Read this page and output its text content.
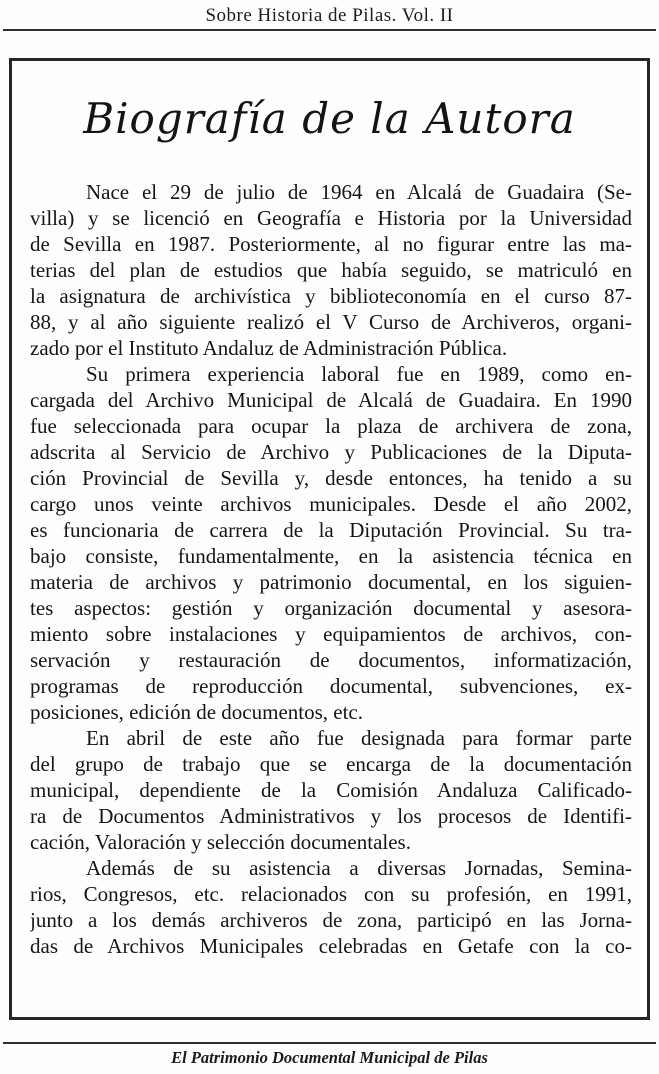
Sobre Historia de Pilas. Vol. II
Biografía de la Autora
Nace el 29 de julio de 1964 en Alcalá de Guadaira (Se-
villa) y se licenció en Geografía e Historia por la Universidad
de Sevilla en 1987. Posteriormente, al no figurar entre las ma-
terias del plan de estudios que había seguido, se matriculó en
la asignatura de archivística y biblioteconomía en el curso 87-
88, y al año siguiente realizó el V Curso de Archiveros, organi-
zado por el Instituto Andaluz de Administración Pública.
Su primera experiencia laboral fue en 1989, como en-
cargada del Archivo Municipal de Alcalá de Guadaira. En 1990
fue seleccionada para ocupar la plaza de archivera de zona,
adscrita al Servicio de Archivo y Publicaciones de la Diputa-
ción Provincial de Sevilla y, desde entonces, ha tenido a su
cargo unos veinte archivos municipales. Desde el año 2002,
es funcionaria de carrera de la Diputación Provincial. Su tra-
bajo consiste, fundamentalmente, en la asistencia técnica en
materia de archivos y patrimonio documental, en los siguien-
tes aspectos: gestión y organización documental y asesora-
miento sobre instalaciones y equipamientos de archivos, con-
servación y restauración de documentos, informatización,
programas de reproducción documental, subvenciones, ex-
posiciones, edición de documentos, etc.
En abril de este año fue designada para formar parte
del grupo de trabajo que se encarga de la documentación
municipal, dependiente de la Comisión Andaluza Calificado-
ra de Documentos Administrativos y los procesos de Identifi-
cación, Valoración y selección documentales.
Además de su asistencia a diversas Jornadas, Semina-
rios, Congresos, etc. relacionados con su profesión, en 1991,
junto a los demás archiveros de zona, participó en las Jorna-
das de Archivos Municipales celebradas en Getafe con la co-
El Patrimonio Documental Municipal de Pilas
